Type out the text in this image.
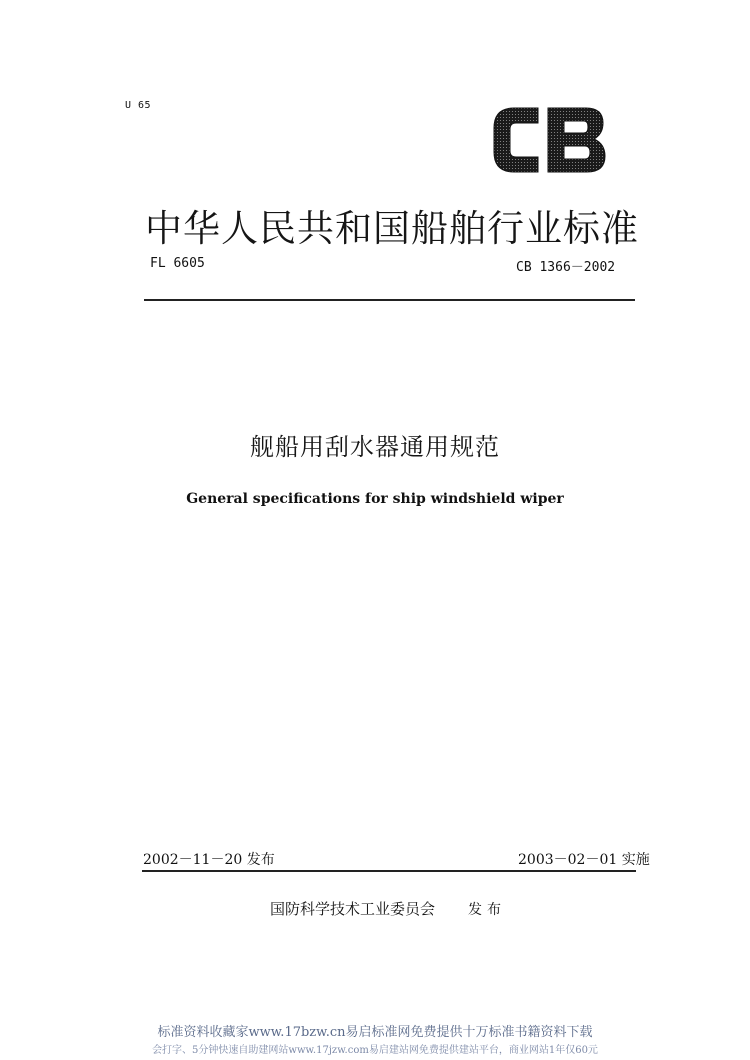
U 65
中华人民共和国船舶行业标准
FL 6605	CB 1366－2002
舰船用刮水器通用规范
General specifications for ship windshield wiper
2002－11－20 发布	2003－02－01 实施
国防科学技术工业委员会 发布
标准资料收藏家www.17bzw.cn易启标准网免费提供十万标准书籍资料下载
会打字、5分钟快速自助建网站www.17jzw.com易启建站网免费提供建站平台，商业网站1年仅60元
